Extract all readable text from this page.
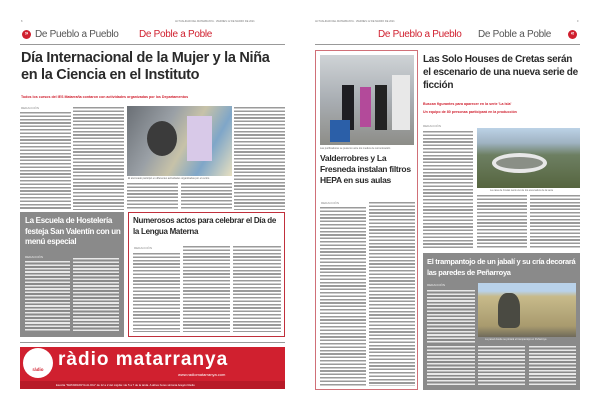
8	ACTUALIDAD DEL MATARRANYA · VIERNES 12 DE MARZO DE 2021
» De Pueblo a Pueblo De Poble a Poble
Día Internacional de la Mujer y la Niña en la Ciencia en el Instituto
Todos los cursos del IES Matarraña contaron con actividades organizadas por los Departamentos
REDACCIÓN
El alumnado participó en diferentes actividades organizadas por el centro
La Escuela de Hostelería festeja San Valentín con un menú especial
REDACCIÓN
Numerosos actos para celebrar el Día de la Lengua Materna
REDACCIÓN
ràdio ràdio matarranya
www.radiomatarranya.com
Escolta "MATARRANYA AL DIA" de 12 a 2 del migdia i de 5 a 7 de la tarda. A altres hores sintonia Aragón Radio
ACTUALIDAD DEL MATARRANYA · VIERNES 12 DE MARZO DE 2021	9
De Pueblo a Pueblo De Poble a Poble	«
Las purificadoras se pusieron ante los medios de comunicación
Valderrobres y La Fresneda instalan filtros HEPA en sus aulas
REDACCIÓN
Las Solo Houses de Cretas serán el escenario de una nueva serie de ficción
Buscan figurantes para aparecer en la serie 'La Isla'
Un equipo de 80 personas participará en la producción
REDACCIÓN
La casa de Cretas será uno de los escenarios de la serie
El trampantojo de un jabalí y su cría decorará las paredes de Peñarroya
REDACCIÓN
La pared donde se pintará el trampantojo en Peñarroya
